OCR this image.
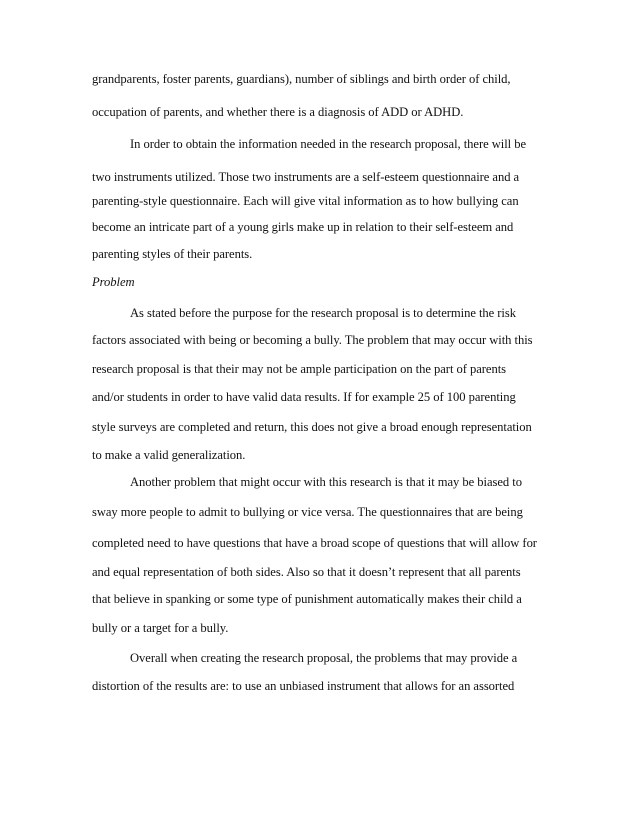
grandparents, foster parents, guardians), number of siblings and birth order of child,
occupation of parents, and whether there is a diagnosis of ADD or ADHD.
In order to obtain the information needed in the research proposal, there will be
two instruments utilized. Those two instruments are a self-esteem questionnaire and a
parenting-style questionnaire. Each will give vital information as to how bullying can
become an intricate part of a young girls make up in relation to their self-esteem and
parenting styles of their parents.
Problem
As stated before the purpose for the research proposal is to determine the risk
factors associated with being or becoming a bully. The problem that may occur with this
research proposal is that their may not be ample participation on the part of parents
and/or students in order to have valid data results. If for example 25 of 100 parenting
style surveys are completed and return, this does not give a broad enough representation
to make a valid generalization.
Another problem that might occur with this research is that it may be biased to
sway more people to admit to bullying or vice versa. The questionnaires that are being
completed need to have questions that have a broad scope of questions that will allow for
and equal representation of both sides. Also so that it doesn’t represent that all parents
that believe in spanking or some type of punishment automatically makes their child a
bully or a target for a bully.
Overall when creating the research proposal, the problems that may provide a
distortion of the results are: to use an unbiased instrument that allows for an assorted
